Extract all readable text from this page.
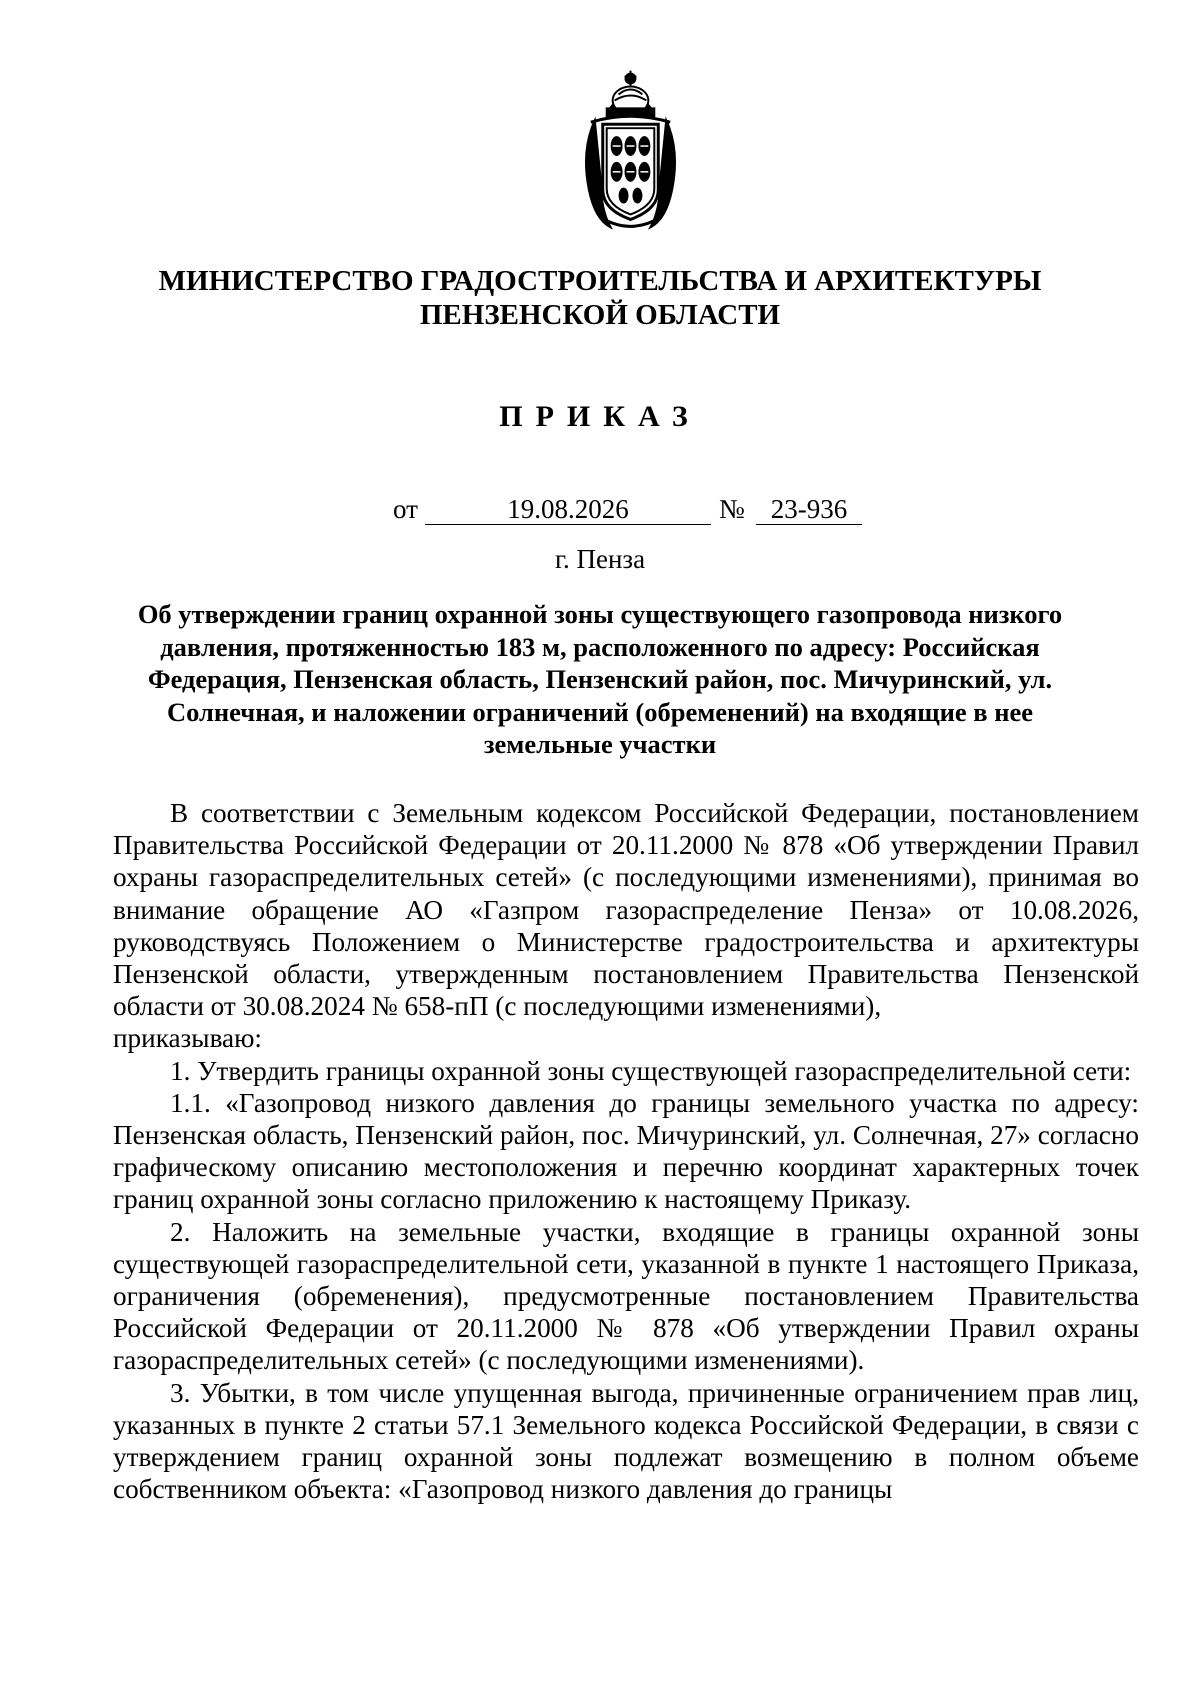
МИНИСТЕРСТВО ГРАДОСТРОИТЕЛЬСТВА И АРХИТЕКТУРЫ
ПЕНЗЕНСКОЙ ОБЛАСТИ
ПРИКАЗ
от	19.08.2026	№ 23-936
г. Пенза

Об утверждении границ охранной зоны существующего газопровода низкого давления, протяженностью 183 м, расположенного по адресу: Российская Федерация, Пензенская область, Пензенский район, пос. Мичуринский, ул. Солнечная, и наложении ограничений (обременений) на входящие в нее земельные участки

В соответствии с Земельным кодексом Российской Федерации, постановлением Правительства Российской Федерации от 20.11.2000 № 878 «Об утверждении Правил охраны газораспределительных сетей» (с последующими изменениями), принимая во внимание обращение АО «Газпром газораспределение Пенза» от 10.08.2026, руководствуясь Положением о Министерстве градостроительства и архитектуры Пензенской области, утвержденным постановлением Правительства Пензенской области от 30.08.2024 № 658-пП (с последующими изменениями),

приказываю:

1. Утвердить границы охранной зоны существующей газораспределительной сети:

1.1. «Газопровод низкого давления до границы земельного участка по адресу: Пензенская область, Пензенский район, пос. Мичуринский, ул. Солнечная, 27» согласно графическому описанию местоположения и перечню координат характерных точек границ охранной зоны согласно приложению к настоящему Приказу.

2. Наложить на земельные участки, входящие в границы охранной зоны существующей газораспределительной сети, указанной в пункте 1 настоящего Приказа, ограничения (обременения), предусмотренные постановлением Правительства Российской Федерации от 20.11.2000 № 878 «Об утверждении Правил охраны газораспределительных сетей» (с последующими изменениями).

3. Убытки, в том числе упущенная выгода, причиненные ограничением прав лиц, указанных в пункте 2 статьи 57.1 Земельного кодекса Российской Федерации, в связи с утверждением границ охранной зоны подлежат возмещению в полном объеме собственником объекта: «Газопровод низкого давления до границы
